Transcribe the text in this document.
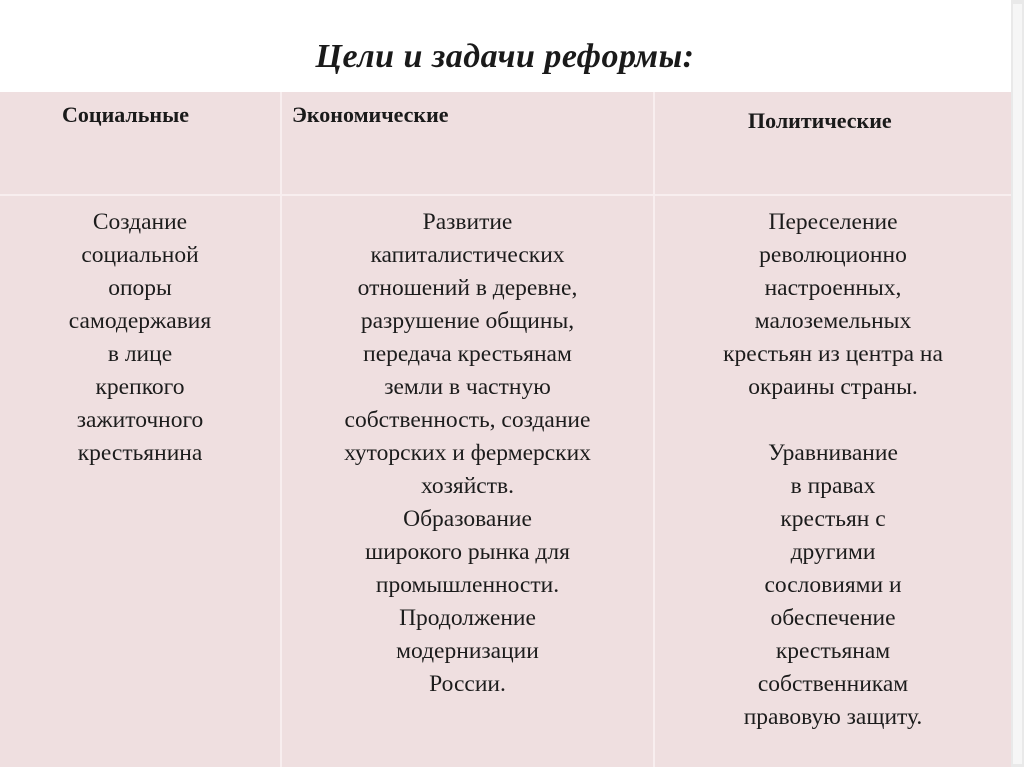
Цели и задачи реформы:
Социальные	Экономические	Политические
Создание
социальной
опоры
самодержавия
в лице
крепкого
зажиточного
крестьянина
Развитие
капиталистических
отношений в деревне,
разрушение общины,
передача крестьянам
земли в частную
собственность, создание
хуторских и фермерских
хозяйств.
Образование
широкого рынка для
промышленности.
Продолжение
модернизации
России.
Переселение
революционно
настроенных,
малоземельных
крестьян из центра на
окраины страны.
Уравнивание
в правах
крестьян с
другими
сословиями и
обеспечение
крестьянам
собственникам
правовую защиту.
